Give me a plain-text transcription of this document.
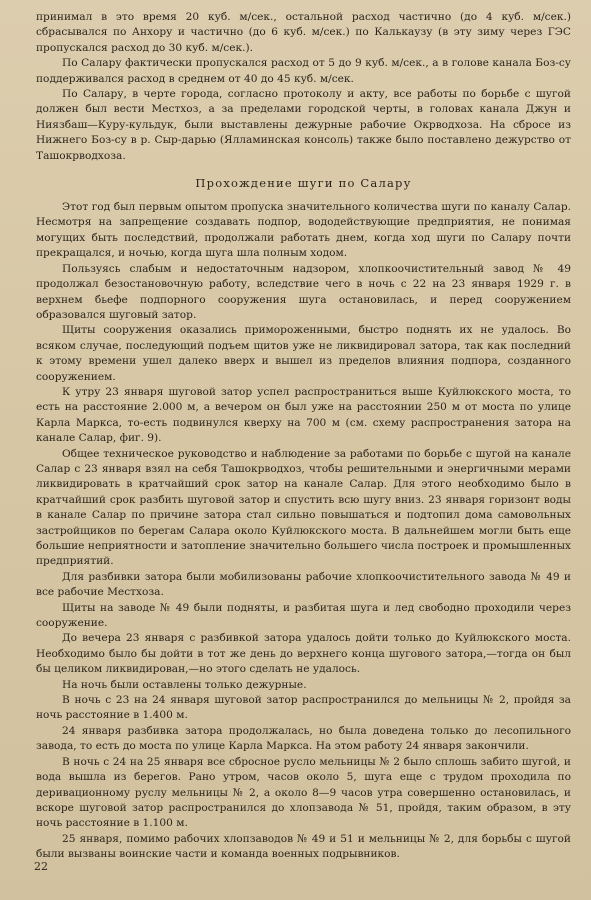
принимал в это время 20 куб. м/сек., остальной расход частично (до 4 куб. м/сек.) сбрасывался по Анхору и частично (до 6 куб. м/сек.) по Калькаузу (в эту зиму через ГЭС пропускался расход до 30 куб. м/сек.).

По Салару фактически пропускался расход от 5 до 9 куб. м/сек., а в голове канала Боз-су поддерживался расход в среднем от 40 до 45 куб. м/сек.

По Салару, в черте города, согласно протоколу и акту, все работы по борьбе с шугой должен был вести Местхоз, а за пределами городской черты, в головах канала Джун и Ниязбаш—Куру-кульдук, были выставлены дежурные рабочие Окрводхоза. На сбросе из Нижнего Боз-су в р. Сыр-дарью (Ялламинская консоль) также было поставлено дежурство от Ташокрводхоза.

Прохождение шуги по Салару

Этот год был первым опытом пропуска значительного количества шуги по каналу Салар. Несмотря на запрещение создавать подпор, вододействующие предприятия, не понимая могущих быть последствий, продолжали работать днем, когда ход шуги по Салару почти прекращался, и ночью, когда шуга шла полным ходом.

Пользуясь слабым и недостаточным надзором, хлопкоочистительный завод № 49 продолжал безостановочную работу, вследствие чего в ночь с 22 на 23 января 1929 г. в верхнем бьефе подпорного сооружения шуга остановилась, и перед сооружением образовался шуговый затор.

Щиты сооружения оказались примороженными, быстро поднять их не удалось. Во всяком случае, последующий подъем щитов уже не ликвидировал затора, так как последний к этому времени ушел далеко вверх и вышел из пределов влияния подпора, созданного сооружением.

К утру 23 января шуговой затор успел распространиться выше Куйлюкского моста, то есть на расстояние 2.000 м, а вечером он был уже на расстоянии 250 м от моста по улице Карла Маркса, то-есть подвинулся кверху на 700 м (см. схему распространения затора на канале Салар, фиг. 9).

Общее техническое руководство и наблюдение за работами по борьбе с шугой на канале Салар с 23 января взял на себя Ташокрводхоз, чтобы решительными и энергичными мерами ликвидировать в кратчайший срок затор на канале Салар. Для этого необходимо было в кратчайший срок разбить шуговой затор и спустить всю шугу вниз. 23 января горизонт воды в канале Салар по причине затора стал сильно повышаться и подтопил дома самовольных застройщиков по берегам Салара около Куйлюкского моста. В дальнейшем могли быть еще большие неприятности и затопление значительно большего числа построек и промышленных предприятий.

Для разбивки затора были мобилизованы рабочие хлопкоочистительного завода № 49 и все рабочие Местхоза.

Щиты на заводе № 49 были подняты, и разбитая шуга и лед свободно проходили через сооружение.

До вечера 23 января с разбивкой затора удалось дойти только до Куйлюкского моста. Необходимо было бы дойти в тот же день до верхнего конца шугового затора,—тогда он был бы целиком ликвидирован,—но этого сделать не удалось.

На ночь были оставлены только дежурные.

В ночь с 23 на 24 января шуговой затор распространился до мельницы № 2, пройдя за ночь расстояние в 1.400 м.

24 января разбивка затора продолжалась, но была доведена только до лесопильного завода, то есть до моста по улице Карла Маркса. На этом работу 24 января закончили.

В ночь с 24 на 25 января все сбросное русло мельницы № 2 было сплошь забито шугой, и вода вышла из берегов. Рано утром, часов около 5, шуга еще с трудом проходила по деривационному руслу мельницы № 2, а около 8—9 часов утра совершенно остановилась, и вскоре шуговой затор распространился до хлопзавода № 51, пройдя, таким образом, в эту ночь расстояние в 1.100 м.

25 января, помимо рабочих хлопзаводов № 49 и 51 и мельницы № 2, для борьбы с шугой были вызваны воинские части и команда военных подрывников.

22
